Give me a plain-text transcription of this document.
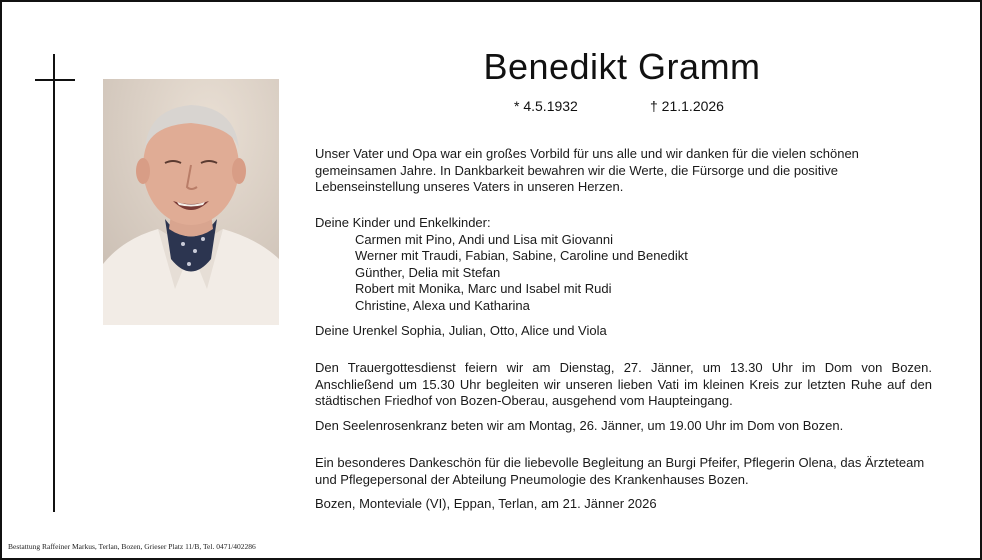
Benedikt Gramm
* 4.5.1932	† 21.1.2026
Unser Vater und Opa war ein großes Vorbild für uns alle und wir danken für die vielen schönen gemeinsamen Jahre. In Dankbarkeit bewahren wir die Werte, die Fürsorge und die positive Lebenseinstellung unseres Vaters in unseren Herzen.
Deine Kinder und Enkelkinder:
Carmen mit Pino, Andi und Lisa mit Giovanni
Werner mit Traudi, Fabian, Sabine, Caroline und Benedikt
Günther, Delia mit Stefan
Robert mit Monika, Marc und Isabel mit Rudi
Christine, Alexa und Katharina
Deine Urenkel Sophia, Julian, Otto, Alice und Viola
Den Trauergottesdienst feiern wir am Dienstag, 27. Jänner, um 13.30 Uhr im Dom von Bozen. Anschließend um 15.30 Uhr begleiten wir unseren lieben Vati im kleinen Kreis zur letzten Ruhe auf den städtischen Friedhof von Bozen-Oberau, ausgehend vom Haupteingang.
Den Seelenrosenkranz beten wir am Montag, 26. Jänner, um 19.00 Uhr im Dom von Bozen.
Ein besonderes Dankeschön für die liebevolle Begleitung an Burgi Pfeifer, Pflegerin Olena, das Ärzteteam und Pflegepersonal der Abteilung Pneumologie des Krankenhauses Bozen.
Bozen, Monteviale (VI), Eppan, Terlan, am 21. Jänner 2026
Bestattung Raffeiner Markus, Terlan, Bozen, Grieser Platz 11/B, Tel. 0471/402286
